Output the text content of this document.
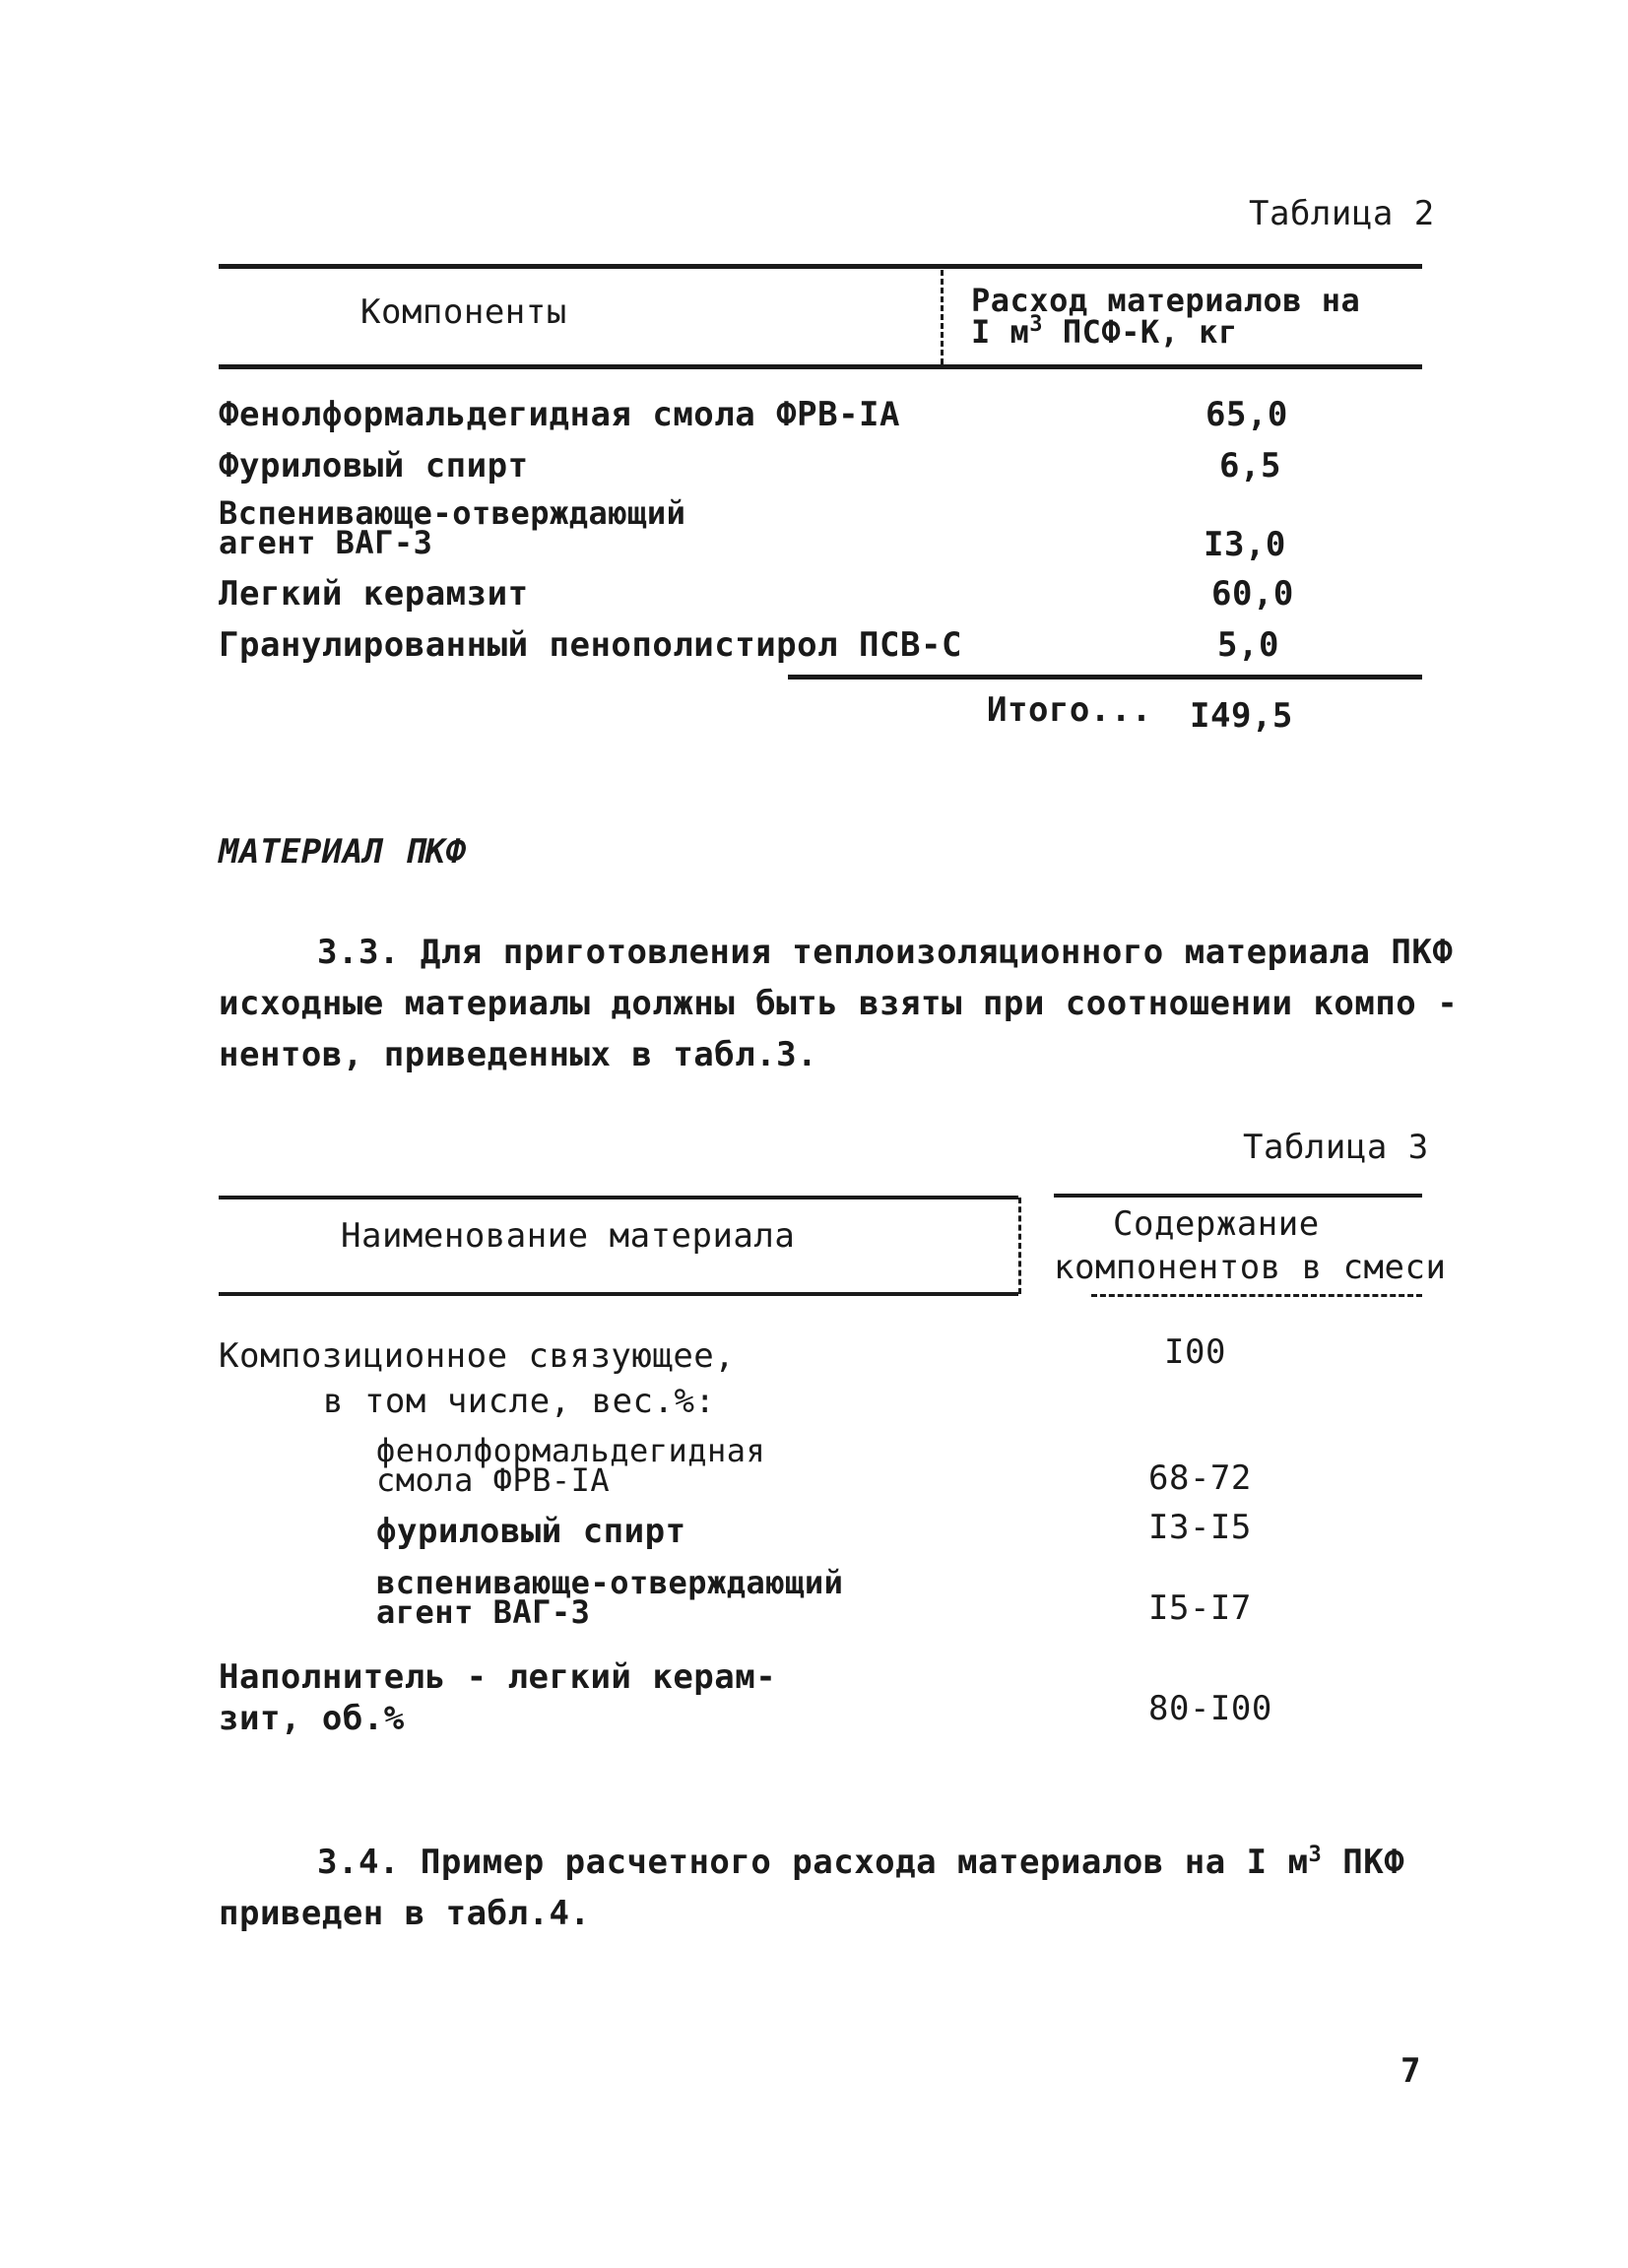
Таблица 2
Компоненты	Расход материалов на
I $м^3$ ПСФ-К, кг
Фенолформальдегидная смола ФРВ-IA	65,0
Фуриловый спирт	6,5
Вспенивающе-отверждающий
агент ВАГ-3	I3,0
Легкий керамзит	60,0
Гранулированный пенополистирол ПСВ-С	5,0
Итого... I49,5
МАТЕРИАЛ ПКФ
3.3. Для приготовления теплоизоляционного материала ПКФ
исходные материалы должны быть взяты при соотношении компо -
нентов, приведенных в табл.3.
Таблица 3
Наименование материала	Содержание
компонентов в смеси
Композиционное связующее,	I00
в том числе, вес.%:
фенолформальдегидная
смола ФРВ-IA	68-72
фуриловый спирт	I3-I5
вспенивающе-отверждающий
агент ВАГ-3	I5-I7
Наполнитель - легкий керам-
зит, об.%	80-I00
3.4. Пример расчетного расхода материалов на I $м^3$ ПКФ
приведен в табл.4.
7
